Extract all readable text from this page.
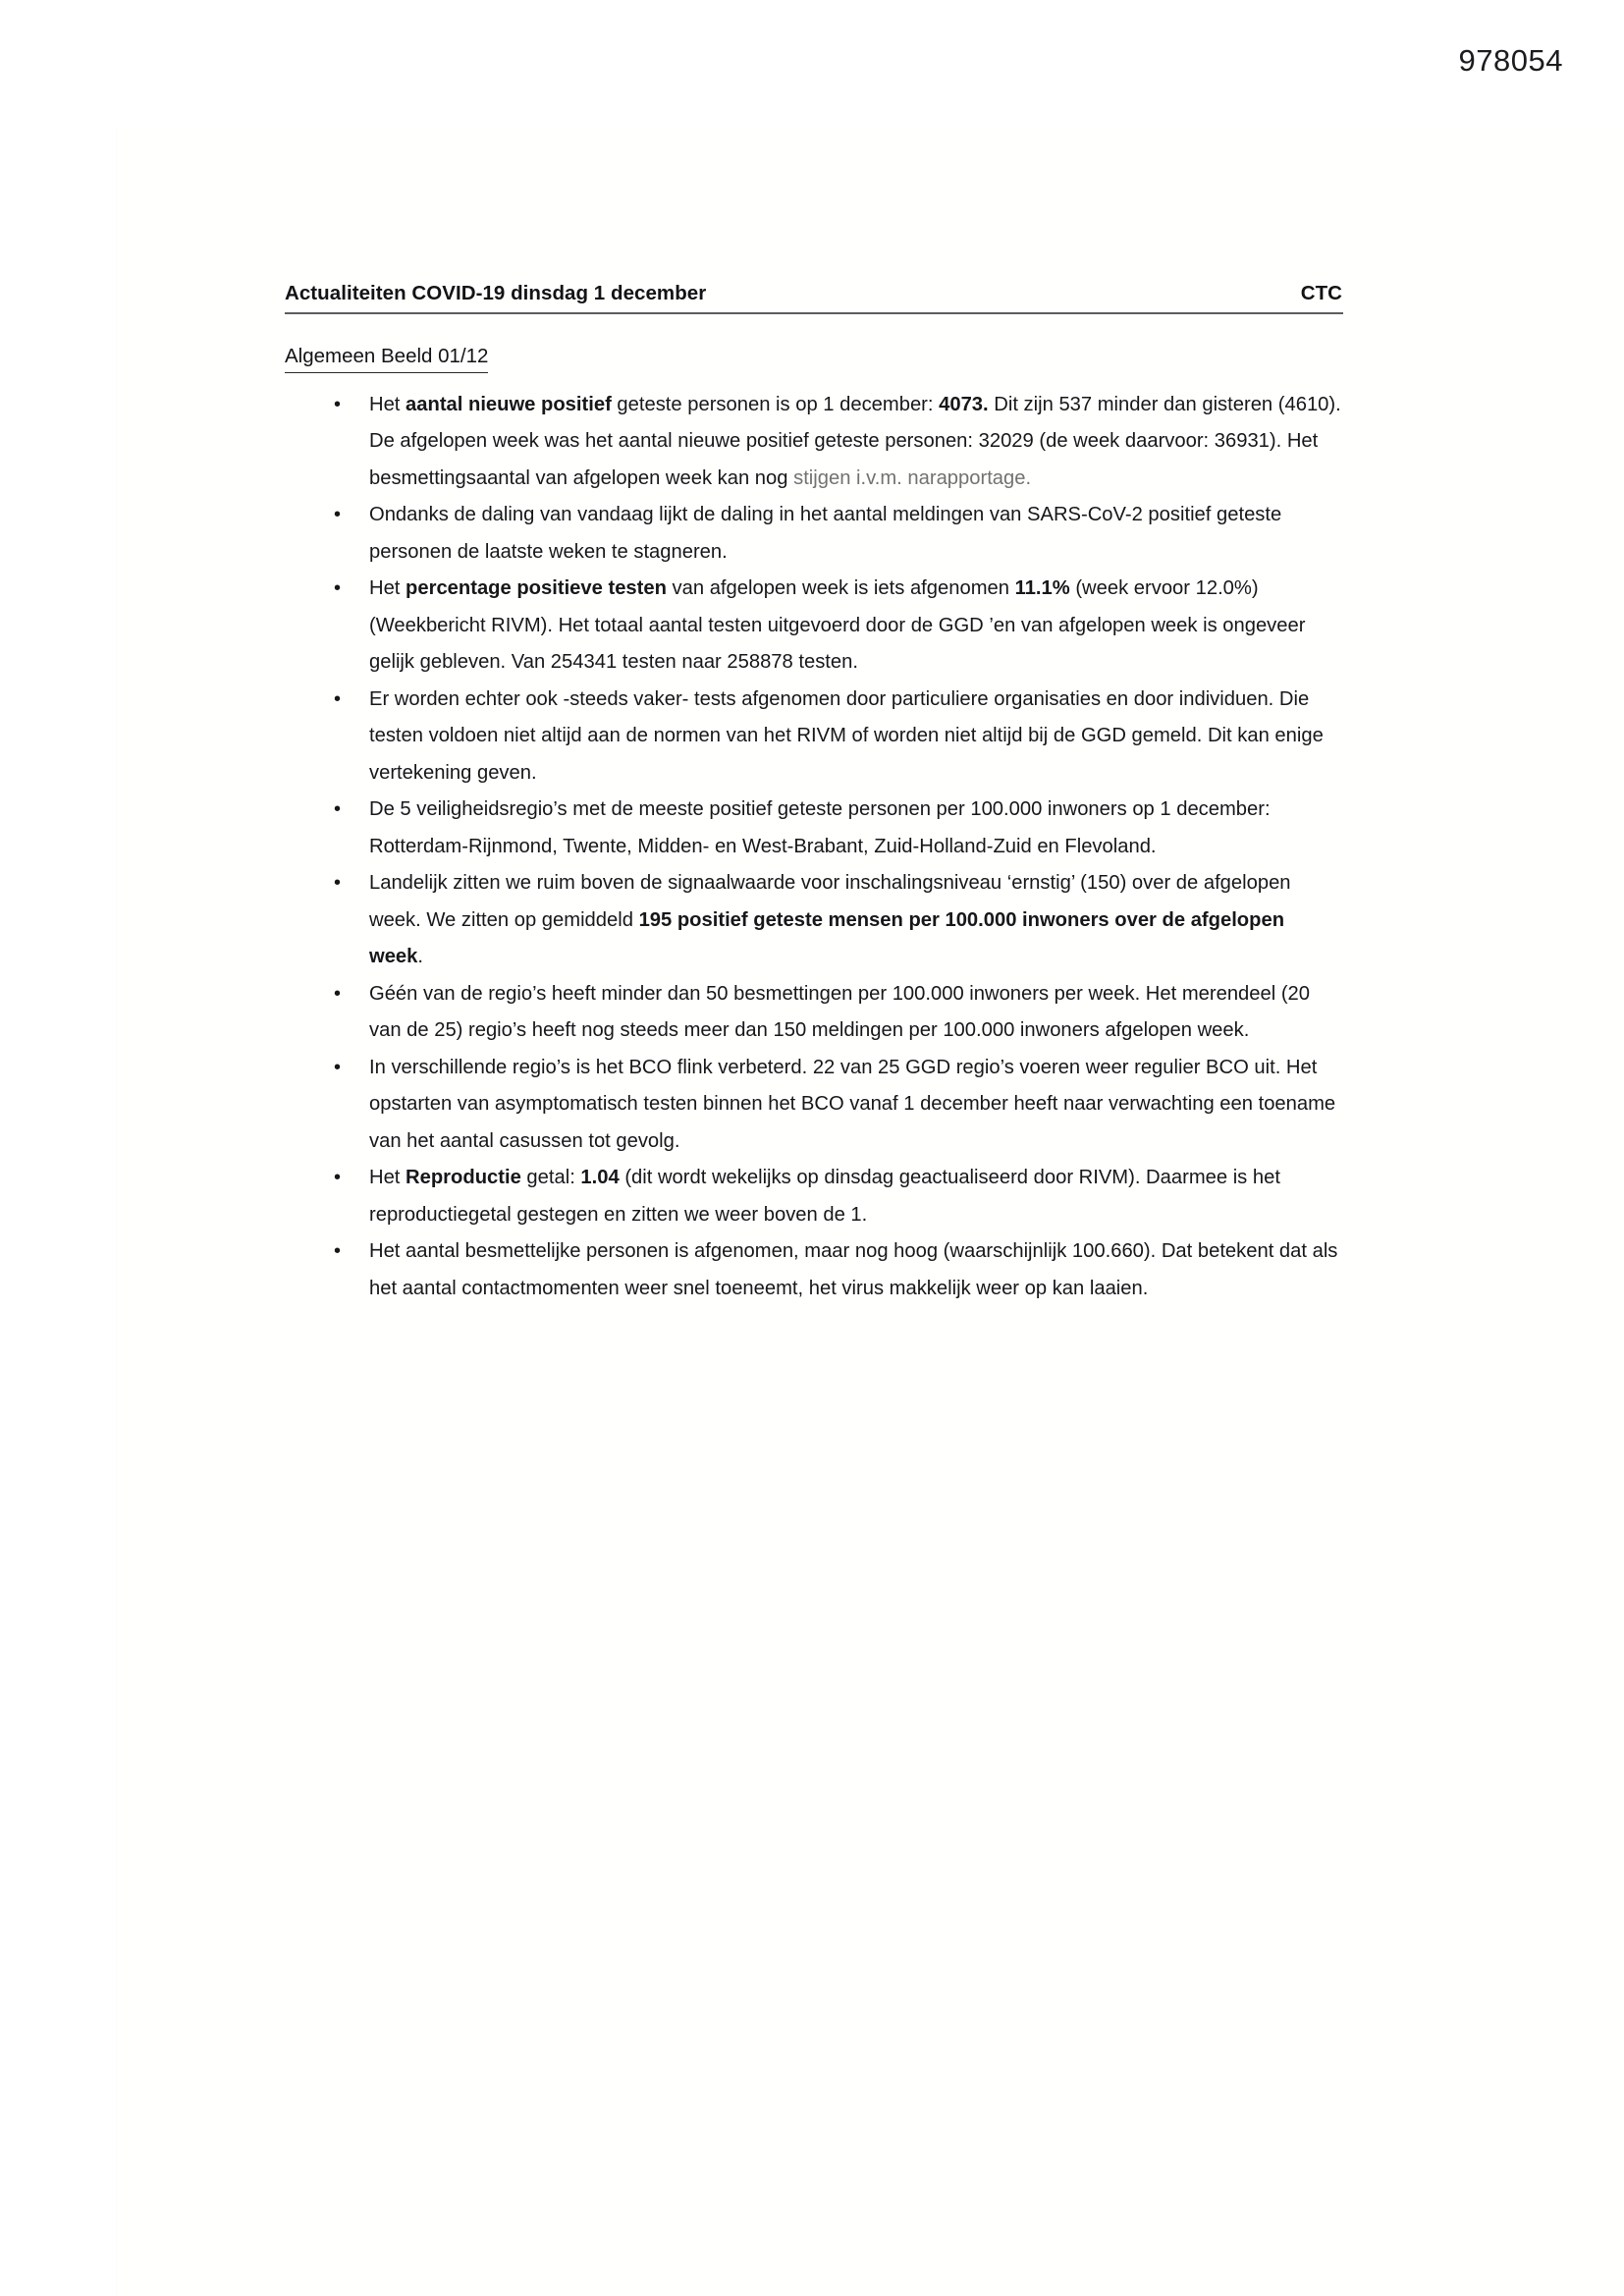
978054
Actualiteiten COVID-19 dinsdag 1 december	CTC
Algemeen Beeld 01/12
• Het aantal nieuwe positief geteste personen is op 1 december: 4073. Dit zijn 537 minder dan gisteren (4610). De afgelopen week was het aantal nieuwe positief geteste personen: 32029 (de week daarvoor: 36931). Het besmettingsaantal van afgelopen week kan nog stijgen i.v.m. narapportage.
• Ondanks de daling van vandaag lijkt de daling in het aantal meldingen van SARS-CoV-2 positief geteste personen de laatste weken te stagneren.
• Het percentage positieve testen van afgelopen week is iets afgenomen 11.1% (week ervoor 12.0%) (Weekbericht RIVM). Het totaal aantal testen uitgevoerd door de GGD ’en van afgelopen week is ongeveer gelijk gebleven. Van 254341 testen naar 258878 testen.
• Er worden echter ook -steeds vaker- tests afgenomen door particuliere organisaties en door individuen. Die testen voldoen niet altijd aan de normen van het RIVM of worden niet altijd bij de GGD gemeld. Dit kan enige vertekening geven.
• De 5 veiligheidsregio’s met de meeste positief geteste personen per 100.000 inwoners op 1 december: Rotterdam-Rijnmond, Twente, Midden- en West-Brabant, Zuid-Holland-Zuid en Flevoland.
• Landelijk zitten we ruim boven de signaalwaarde voor inschalingsniveau ‘ernstig’ (150) over de afgelopen week. We zitten op gemiddeld 195 positief geteste mensen per 100.000 inwoners over de afgelopen week.
• Géén van de regio’s heeft minder dan 50 besmettingen per 100.000 inwoners per week. Het merendeel (20 van de 25) regio’s heeft nog steeds meer dan 150 meldingen per 100.000 inwoners afgelopen week.
• In verschillende regio’s is het BCO flink verbeterd. 22 van 25 GGD regio’s voeren weer regulier BCO uit. Het opstarten van asymptomatisch testen binnen het BCO vanaf 1 december heeft naar verwachting een toename van het aantal casussen tot gevolg.
• Het Reproductie getal: 1.04 (dit wordt wekelijks op dinsdag geactualiseerd door RIVM). Daarmee is het reproductiegetal gestegen en zitten we weer boven de 1.
• Het aantal besmettelijke personen is afgenomen, maar nog hoog (waarschijnlijk 100.660). Dat betekent dat als het aantal contactmomenten weer snel toeneemt, het virus makkelijk weer op kan laaien.
